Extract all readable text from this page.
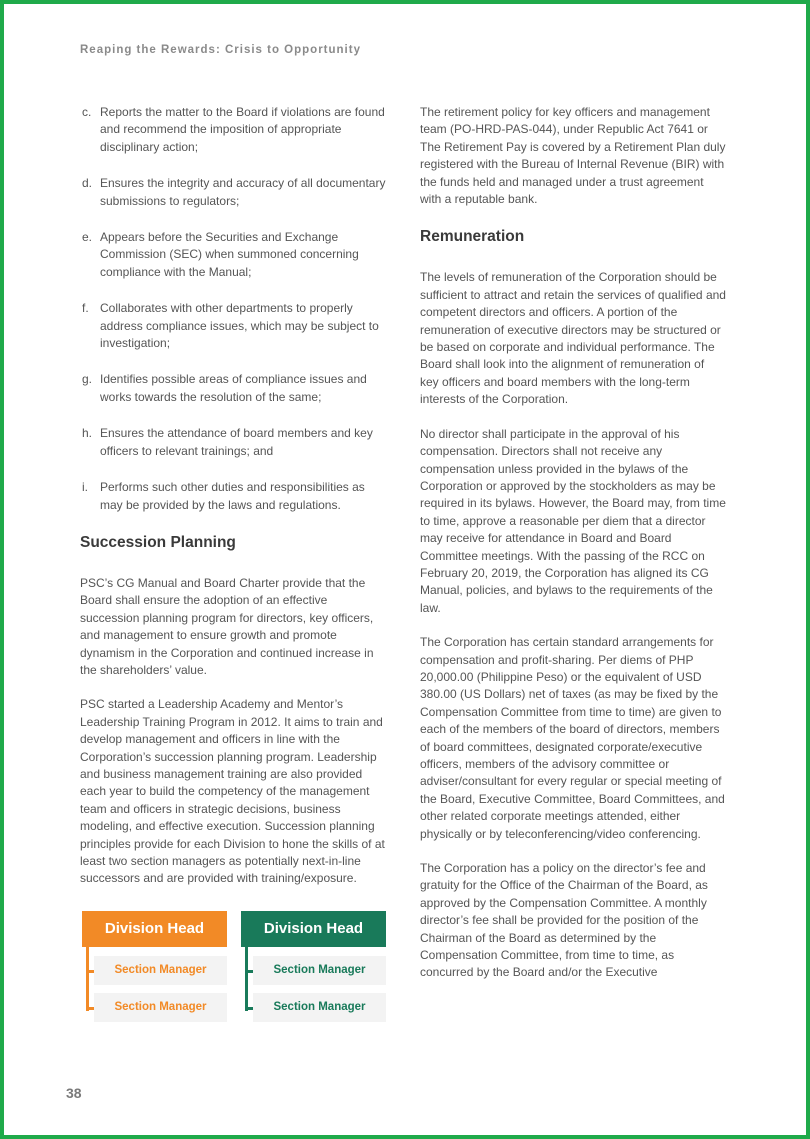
Reaping the Rewards: Crisis to Opportunity
c. Reports the matter to the Board if violations are found and recommend the imposition of appropriate disciplinary action;
d. Ensures the integrity and accuracy of all documentary submissions to regulators;
e. Appears before the Securities and Exchange Commission (SEC) when summoned concerning compliance with the Manual;
f. Collaborates with other departments to properly address compliance issues, which may be subject to investigation;
g. Identifies possible areas of compliance issues and works towards the resolution of the same;
h. Ensures the attendance of board members and key officers to relevant trainings; and
i.	Performs such other duties and responsibilities as may be provided by the laws and regulations.
Succession Planning

PSC’s CG Manual and Board Charter provide that the Board shall ensure the adoption of an effective succession planning program for directors, key officers, and management to ensure growth and promote dynamism in the Corporation and continued increase in the shareholders’ value.

PSC started a Leadership Academy and Mentor’s Leadership Training Program in 2012. It aims to train and develop management and officers in line with the Corporation’s succession planning program. Leadership and business management training are also provided each year to build the competency of the management team and officers in strategic decisions, business modeling, and effective execution. Succession planning principles provide for each Division to hone the skills of at least two section managers as potentially next-in-line successors and are provided with training/exposure.

Division Head
Section Manager
Section Manager
Division Head
Section Manager
Section Manager

The retirement policy for key officers and management team (PO-HRD-PAS-044), under Republic Act 7641 or The Retirement Pay is covered by a Retirement Plan duly registered with the Bureau of Internal Revenue (BIR) with the funds held and managed under a trust agreement with a reputable bank.

Remuneration

The levels of remuneration of the Corporation should be sufficient to attract and retain the services of qualified and competent directors and officers. A portion of the remuneration of executive directors may be structured or be based on corporate and individual performance. The Board shall look into the alignment of remuneration of key officers and board members with the long-term interests of the Corporation.

No director shall participate in the approval of his compensation. Directors shall not receive any compensation unless provided in the bylaws of the Corporation or approved by the stockholders as may be required in its bylaws. However, the Board may, from time to time, approve a reasonable per diem that a director may receive for attendance in Board and Board Committee meetings. With the passing of the RCC on February 20, 2019, the Corporation has aligned its CG Manual, policies, and bylaws to the requirements of the law.

The Corporation has certain standard arrangements for compensation and profit-sharing. Per diems of PHP 20,000.00 (Philippine Peso) or the equivalent of USD 380.00 (US Dollars) net of taxes (as may be fixed by the Compensation Committee from time to time) are given to each of the members of the board of directors, members of board committees, designated corporate/executive officers, members of the advisory committee or adviser/consultant for every regular or special meeting of the Board, Executive Committee, Board Committees, and other related corporate meetings attended, either physically or by teleconferencing/video conferencing.

The Corporation has a policy on the director’s fee and gratuity for the Office of the Chairman of the Board, as approved by the Compensation Committee. A monthly director’s fee shall be provided for the position of the Chairman of the Board as determined by the Compensation Committee, from time to time, as concurred by the Board and/or the Executive

38
